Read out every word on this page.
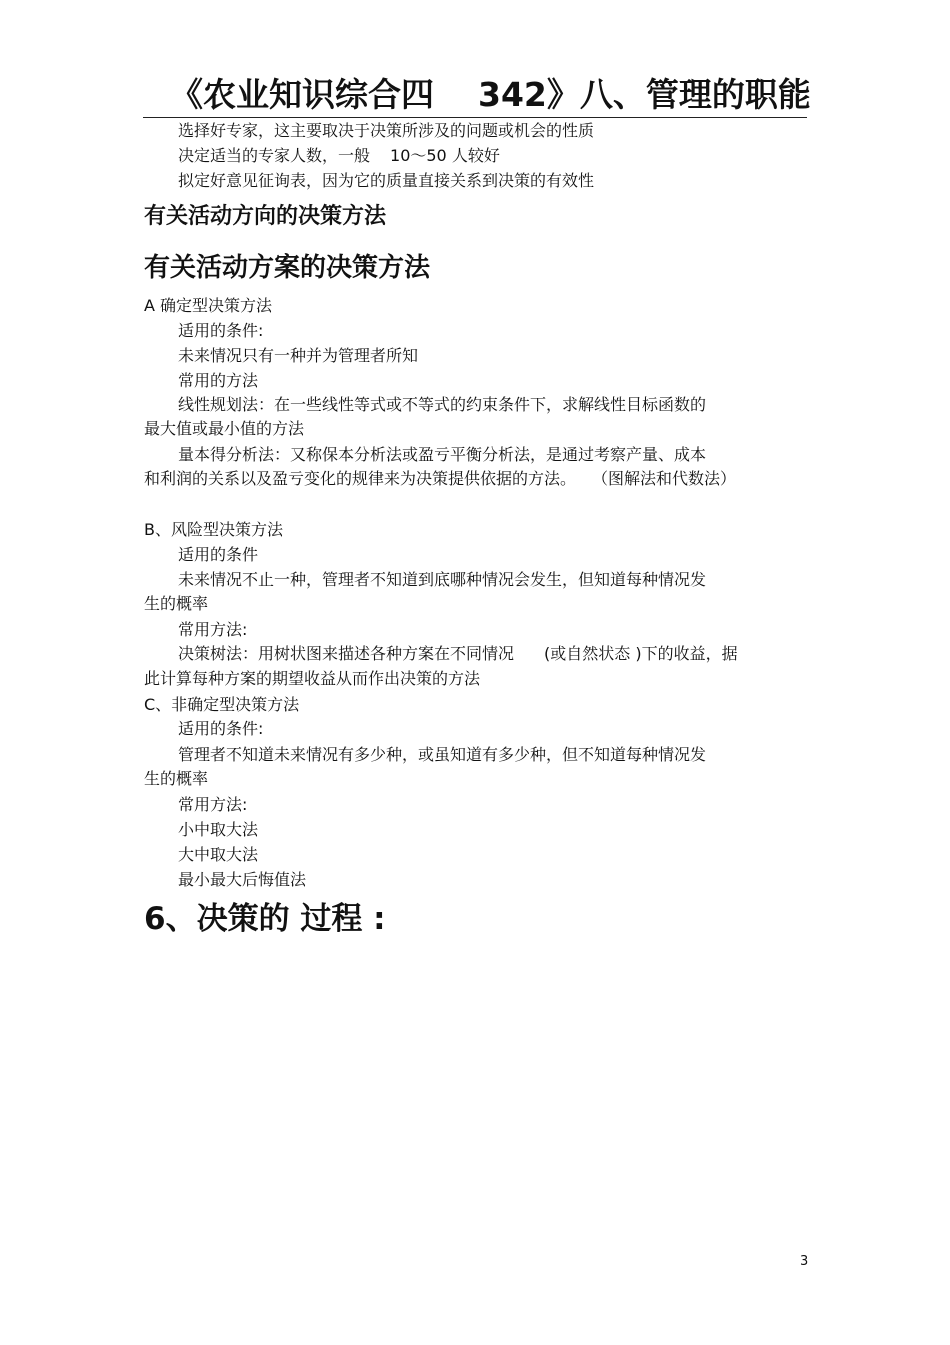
《农业知识综合四 342》八、管理的职能

选择好专家，这主要取决于决策所涉及的问题或机会的性质

决定适当的专家人数，一般 10～50 人较好

拟定好意见征询表，因为它的质量直接关系到决策的有效性

有关活动方向的决策方法
有关活动方案的决策方法

A 确定型决策方法

适用的条件:

未来情况只有一种并为管理者所知

常用的方法

线性规划法：在一些线性等式或不等式的约束条件下，求解线性目标函数的

最大值或最小值的方法

量本得分析法：又称保本分析法或盈亏平衡分析法，是通过考察产量、成本

和利润的关系以及盈亏变化的规律来为决策提供依据的方法。 （图解法和代数法）

B、风险型决策方法

适用的条件

未来情况不止一种，管理者不知道到底哪种情况会发生，但知道每种情况发

生的概率

常用方法:

决策树法：用树状图来描述各种方案在不同情况 (或自然状态 )下的收益，据

此计算每种方案的期望收益从而作出决策的方法

C、非确定型决策方法

适用的条件:

管理者不知道未来情况有多少种，或虽知道有多少种，但不知道每种情况发

生的概率

常用方法:

小中取大法

大中取大法

最小最大后悔值法

6、决策的 过程 :

3
